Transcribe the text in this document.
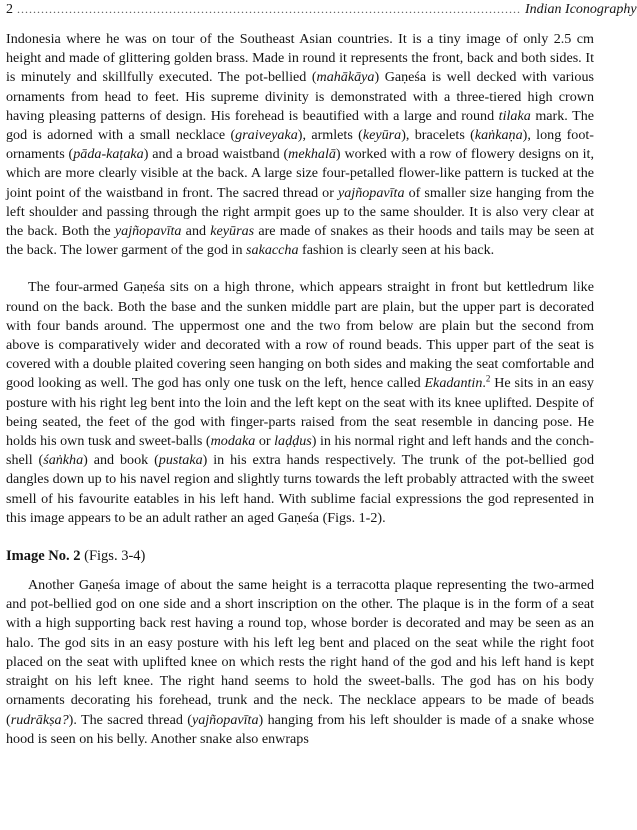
2 .............................................................................................................................. Indian Iconography

Indonesia where he was on tour of the Southeast Asian countries. It is a tiny image of only 2.5 cm height and made of glittering golden brass. Made in round it represents the front, back and both sides. It is minutely and skillfully executed. The pot-bellied (mahākāya) Gaṇeśa is well decked with various ornaments from head to feet. His supreme divinity is demonstrated with a three-tiered high crown having pleasing patterns of design. His forehead is beautified with a large and round tilaka mark. The god is adorned with a small necklace (graiveyaka), armlets (keyūra), bracelets (kaṅkaṇa), long foot-ornaments (pāda-kaṭaka) and a broad waistband (mekhalā) worked with a row of flowery designs on it, which are more clearly visible at the back. A large size four-petalled flower-like pattern is tucked at the joint point of the waistband in front. The sacred thread or yajñopavīta of smaller size hanging from the left shoulder and passing through the right armpit goes up to the same shoulder. It is also very clear at the back. Both the yajñopavīta and keyūras are made of snakes as their hoods and tails may be seen at the back. The lower garment of the god in sakaccha fashion is clearly seen at his back.

The four-armed Gaṇeśa sits on a high throne, which appears straight in front but kettledrum like round on the back. Both the base and the sunken middle part are plain, but the upper part is decorated with four bands around. The uppermost one and the two from below are plain but the second from above is comparatively wider and decorated with a row of round beads. This upper part of the seat is covered with a double plaited covering seen hanging on both sides and making the seat comfortable and good looking as well. The god has only one tusk on the left, hence called Ekadantin.$^2$ He sits in an easy posture with his right leg bent into the loin and the left kept on the seat with its knee uplifted. Despite of being seated, the feet of the god with finger-parts raised from the seat resemble in dancing pose. He holds his own tusk and sweet-balls (modaka or laḍḍus) in his normal right and left hands and the conch-shell (śaṅkha) and book (pustaka) in his extra hands respectively. The trunk of the pot-bellied god dangles down up to his navel region and slightly turns towards the left probably attracted with the sweet smell of his favourite eatables in his left hand. With sublime facial expressions the god represented in this image appears to be an adult rather an aged Gaṇeśa (Figs. 1-2).

Image No. 2 (Figs. 3-4)

Another Gaṇeśa image of about the same height is a terracotta plaque representing the two-armed and pot-bellied god on one side and a short inscription on the other. The plaque is in the form of a seat with a high supporting back rest having a round top, whose border is decorated and may be seen as an halo. The god sits in an easy posture with his left leg bent and placed on the seat while the right foot placed on the seat with uplifted knee on which rests the right hand of the god and his left hand is kept straight on his left knee. The right hand seems to hold the sweet-balls. The god has on his body ornaments decorating his forehead, trunk and the neck. The necklace appears to be made of beads (rudrākṣa?). The sacred thread (yajñopavīta) hanging from his left shoulder is made of a snake whose hood is seen on his belly. Another snake also enwraps
